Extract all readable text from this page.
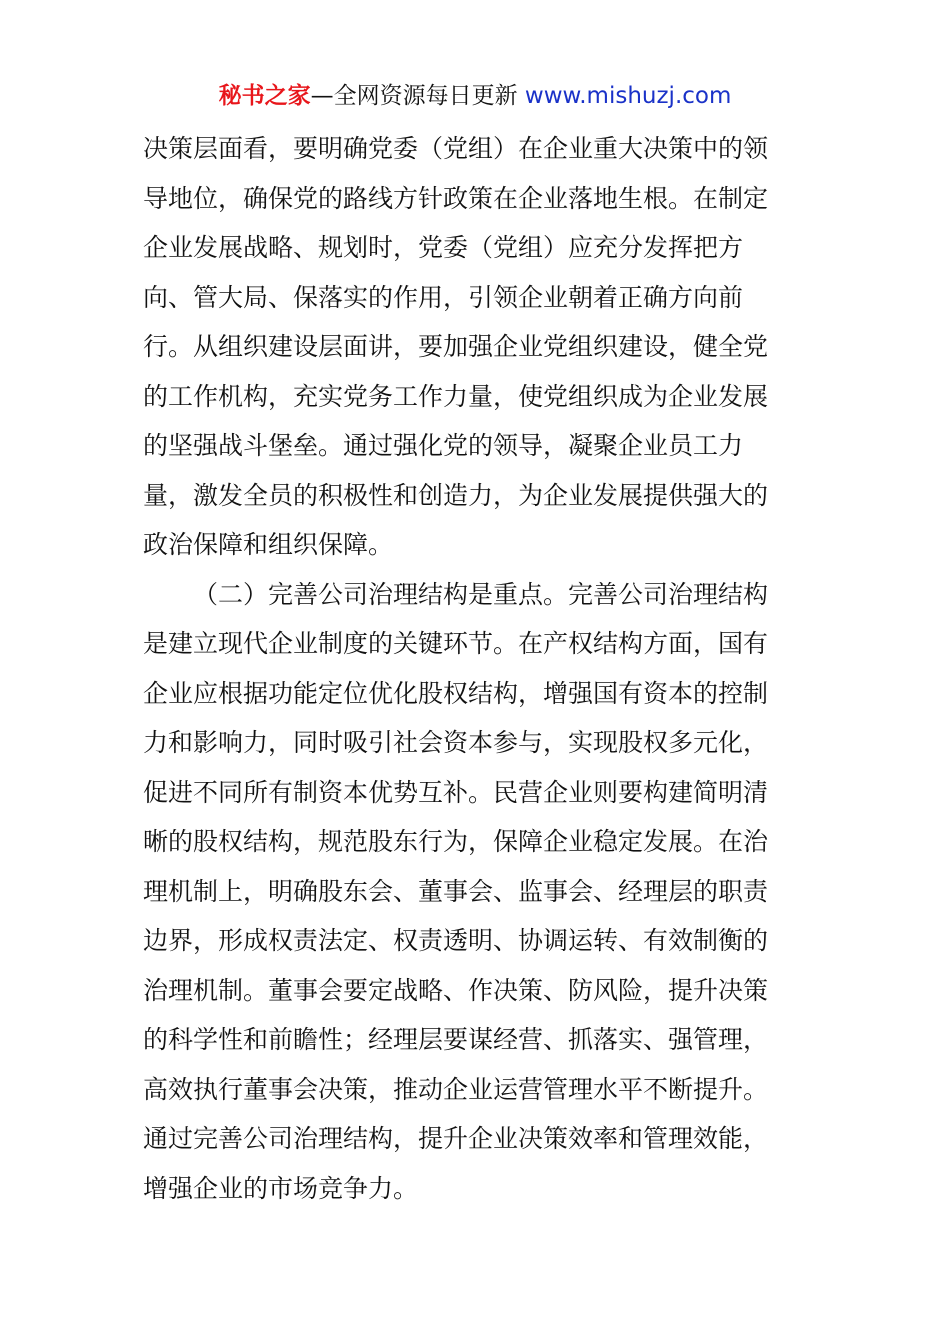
秘书之家—全网资源每日更新 www.mishuzj.com
决策层面看，要明确党委（党组）在企业重大决策中的领
导地位，确保党的路线方针政策在企业落地生根。在制定
企业发展战略、规划时，党委（党组）应充分发挥把方
向、管大局、保落实的作用，引领企业朝着正确方向前
行。从组织建设层面讲，要加强企业党组织建设，健全党
的工作机构，充实党务工作力量，使党组织成为企业发展
的坚强战斗堡垒。通过强化党的领导，凝聚企业员工力
量，激发全员的积极性和创造力，为企业发展提供强大的
政治保障和组织保障。
（二）完善公司治理结构是重点。完善公司治理结构
是建立现代企业制度的关键环节。在产权结构方面，国有
企业应根据功能定位优化股权结构，增强国有资本的控制
力和影响力，同时吸引社会资本参与，实现股权多元化，
促进不同所有制资本优势互补。民营企业则要构建简明清
晰的股权结构，规范股东行为，保障企业稳定发展。在治
理机制上，明确股东会、董事会、监事会、经理层的职责
边界，形成权责法定、权责透明、协调运转、有效制衡的
治理机制。董事会要定战略、作决策、防风险，提升决策
的科学性和前瞻性；经理层要谋经营、抓落实、强管理，
高效执行董事会决策，推动企业运营管理水平不断提升。
通过完善公司治理结构，提升企业决策效率和管理效能，
增强企业的市场竞争力。
